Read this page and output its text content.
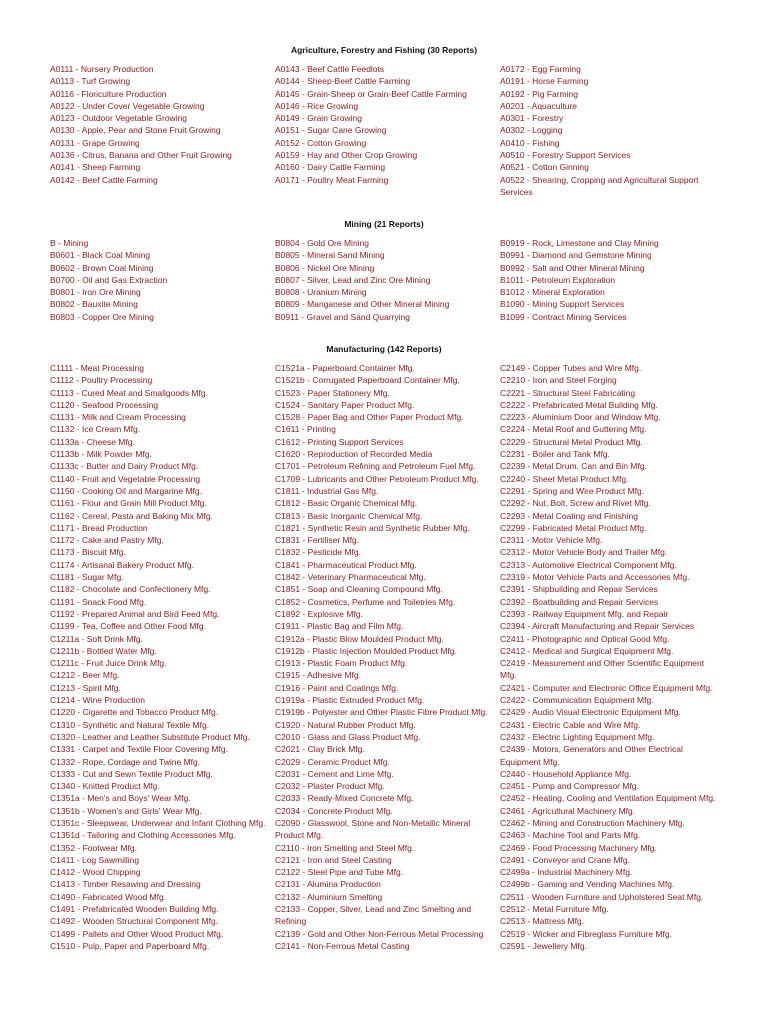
Agriculture, Forestry and Fishing (30 Reports)
A0111 - Nursery Production
A0113 - Turf Growing
A0116 - Floriculture Production
A0122 - Under Cover Vegetable Growing
A0123 - Outdoor Vegetable Growing
A0130 - Apple, Pear and Stone Fruit Growing
A0131 - Grape Growing
A0136 - Citrus, Banana and Other Fruit Growing
A0141 - Sheep Farming
A0142 - Beef Cattle Farming
A0143 - Beef Cattle Feedlots
A0144 - Sheep-Beef Cattle Farming
A0145 - Grain-Sheep or Grain-Beef Cattle Farming
A0146 - Rice Growing
A0149 - Grain Growing
A0151 - Sugar Cane Growing
A0152 - Cotton Growing
A0159 - Hay and Other Crop Growing
A0160 - Dairy Cattle Farming
A0171 - Poultry Meat Farming
A0172 - Egg Farming
A0191 - Horse Farming
A0192 - Pig Farming
A0201 - Aquaculture
A0301 - Forestry
A0302 - Logging
A0410 - Fishing
A0510 - Forestry Support Services
A0521 - Cotton Ginning
A0522 - Shearing, Cropping and Agricultural Support Services
Mining (21 Reports)
B - Mining
B0601 - Black Coal Mining
B0602 - Brown Coal Mining
B0700 - Oil and Gas Extraction
B0801 - Iron Ore Mining
B0802 - Bauxite Mining
B0803 - Copper Ore Mining
B0804 - Gold Ore Mining
B0805 - Mineral Sand Mining
B0806 - Nickel Ore Mining
B0807 - Silver, Lead and Zinc Ore Mining
B0808 - Uranium Mining
B0809 - Manganese and Other Mineral Mining
B0911 - Gravel and Sand Quarrying
B0919 - Rock, Limestone and Clay Mining
B0991 - Diamond and Gemstone Mining
B0992 - Salt and Other Mineral Mining
B1011 - Petroleum Exploration
B1012 - Mineral Exploration
B1090 - Mining Support Services
B1099 - Contract Mining Services
Manufacturing (142 Reports)
C1111 - Meat Processing
C1112 - Poultry Processing
C1113 - Cured Meat and Smallgoods Mfg.
C1120 - Seafood Processing
C1131 - Milk and Cream Processing
C1132 - Ice Cream Mfg.
C1133a - Cheese Mfg.
C1133b - Milk Powder Mfg.
C1133c - Butter and Dairy Product Mfg.
C1140 - Fruit and Vegetable Processing
C1150 - Cooking Oil and Margarine Mfg.
C1161 - Flour and Grain Mill Product Mfg.
C1162 - Cereal, Pasta and Baking Mix Mfg.
C1171 - Bread Production
C1172 - Cake and Pastry Mfg.
C1173 - Biscuit Mfg.
C1174 - Artisanal Bakery Product Mfg.
C1181 - Sugar Mfg.
C1182 - Chocolate and Confectionery Mfg.
C1191 - Snack Food Mfg.
C1192 - Prepared Animal and Bird Feed Mfg.
C1199 - Tea, Coffee and Other Food Mfg.
C1211a - Soft Drink Mfg.
C1211b - Bottled Water Mfg.
C1211c - Fruit Juice Drink Mfg.
C1212 - Beer Mfg.
C1213 - Spirit Mfg.
C1214 - Wine Production
C1220 - Cigarette and Tobacco Product Mfg.
C1310 - Synthetic and Natural Textile Mfg.
C1320 - Leather and Leather Substitute Product Mfg.
C1331 - Carpet and Textile Floor Covering Mfg.
C1332 - Rope, Cordage and Twine Mfg.
C1333 - Cut and Sewn Textile Product Mfg.
C1340 - Knitted Product Mfg.
C1351a - Men's and Boys' Wear Mfg.
C1351b - Women's and Girls' Wear Mfg.
C1351c - Sleepwear, Underwear and Infant Clothing Mfg.
C1351d - Tailoring and Clothing Accessories Mfg.
C1352 - Footwear Mfg.
C1411 - Log Sawmilling
C1412 - Wood Chipping
C1413 - Timber Resawing and Dressing
C1490 - Fabricated Wood Mfg.
C1491 - Prefabricated Wooden Building Mfg.
C1492 - Wooden Structural Component Mfg.
C1499 - Pallets and Other Wood Product Mfg.
C1510 - Pulp, Paper and Paperboard Mfg.
C1521a - Paperboard Container Mfg.
C1521b - Corrugated Paperboard Container Mfg.
C1523 - Paper Stationery Mfg.
C1524 - Sanitary Paper Product Mfg.
C1528 - Paper Bag and Other Paper Product Mfg.
C1611 - Printing
C1612 - Printing Support Services
C1620 - Reproduction of Recorded Media
C1701 - Petroleum Refining and Petroleum Fuel Mfg.
C1709 - Lubricants and Other Petroleum Product Mfg.
C1811 - Industrial Gas Mfg.
C1812 - Basic Organic Chemical Mfg.
C1813 - Basic Inorganic Chemical Mfg.
C1821 - Synthetic Resin and Synthetic Rubber Mfg.
C1831 - Fertiliser Mfg.
C1832 - Pesticide Mfg.
C1841 - Pharmaceutical Product Mfg.
C1842 - Veterinary Pharmaceutical Mfg.
C1851 - Soap and Cleaning Compound Mfg.
C1852 - Cosmetics, Perfume and Toiletries Mfg.
C1892 - Explosive Mfg.
C1911 - Plastic Bag and Film Mfg.
C1912a - Plastic Blow Moulded Product Mfg.
C1912b - Plastic Injection Moulded Product Mfg.
C1913 - Plastic Foam Product Mfg.
C1915 - Adhesive Mfg.
C1916 - Paint and Coatings Mfg.
C1919a - Plastic Extruded Product Mfg.
C1919b - Polyester and Other Plastic Fibre Product Mfg.
C1920 - Natural Rubber Product Mfg.
C2010 - Glass and Glass Product Mfg.
C2021 - Clay Brick Mfg.
C2029 - Ceramic Product Mfg.
C2031 - Cement and Lime Mfg.
C2032 - Plaster Product Mfg.
C2033 - Ready-Mixed Concrete Mfg.
C2034 - Concrete Product Mfg.
C2090 - Glasswool, Stone and Non-Metallic Mineral Product Mfg.
C2110 - Iron Smelting and Steel Mfg.
C2121 - Iron and Steel Casting
C2122 - Steel Pipe and Tube Mfg.
C2131 - Alumina Production
C2132 - Aluminium Smelting
C2133 - Copper, Silver, Lead and Zinc Smelting and Refining
C2139 - Gold and Other Non-Ferrous Metal Processing
C2141 - Non-Ferrous Metal Casting
C2149 - Copper Tubes and Wire Mfg.
C2210 - Iron and Steel Forging
C2221 - Structural Steel Fabricating
C2222 - Prefabricated Metal Building Mfg.
C2223 - Aluminium Door and Window Mfg.
C2224 - Metal Roof and Guttering Mfg.
C2229 - Structural Metal Product Mfg.
C2231 - Boiler and Tank Mfg.
C2239 - Metal Drum, Can and Bin Mfg.
C2240 - Sheet Metal Product Mfg.
C2291 - Spring and Wire Product Mfg.
C2292 - Nut, Bolt, Screw and Rivet Mfg.
C2293 - Metal Coating and Finishing
C2299 - Fabricated Metal Product Mfg.
C2311 - Motor Vehicle Mfg.
C2312 - Motor Vehicle Body and Trailer Mfg.
C2313 - Automotive Electrical Component Mfg.
C2319 - Motor Vehicle Parts and Accessories Mfg.
C2391 - Shipbuilding and Repair Services
C2392 - Boatbuilding and Repair Services
C2393 - Railway Equipment Mfg. and Repair
C2394 - Aircraft Manufacturing and Repair Services
C2411 - Photographic and Optical Good Mfg.
C2412 - Medical and Surgical Equipment Mfg.
C2419 - Measurement and Other Scientific Equipment Mfg.
C2421 - Computer and Electronic Office Equipment Mfg.
C2422 - Communication Equipment Mfg.
C2429 - Audio Visual Electronic Equipment Mfg.
C2431 - Electric Cable and Wire Mfg.
C2432 - Electric Lighting Equipment Mfg.
C2439 - Motors, Generators and Other Electrical Equipment Mfg.
C2440 - Household Appliance Mfg.
C2451 - Pump and Compressor Mfg.
C2452 - Heating, Cooling and Ventilation Equipment Mfg.
C2461 - Agricultural Machinery Mfg.
C2462 - Mining and Construction Machinery Mfg.
C2463 - Machine Tool and Parts Mfg.
C2469 - Food Processing Machinery Mfg.
C2491 - Conveyor and Crane Mfg.
C2499a - Industrial Machinery Mfg.
C2499b - Gaming and Vending Machines Mfg.
C2511 - Wooden Furniture and Upholstered Seat Mfg.
C2512 - Metal Furniture Mfg.
C2513 - Mattress Mfg.
C2519 - Wicker and Fibreglass Furniture Mfg.
C2591 - Jewellery Mfg.
